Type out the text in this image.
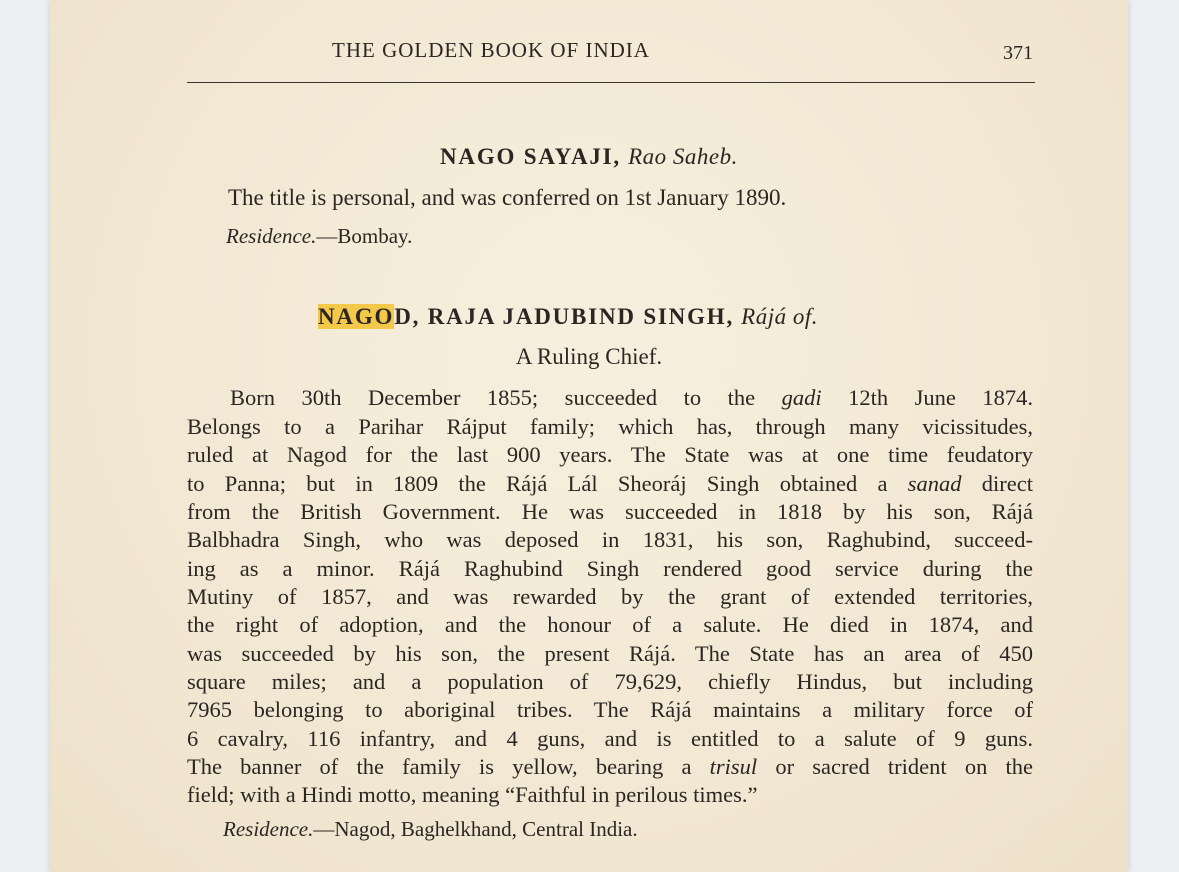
THE GOLDEN BOOK OF INDIA	371
NAGO SAYAJI, Rao Saheb.
The title is personal, and was conferred on 1st January 1890.
Residence.—Bombay.
NAGOD, RAJA JADUBIND SINGH, Rájá of.
A Ruling Chief.
Born 30th December 1855; succeeded to the gadi 12th June 1874.
Belongs to a Parihar Rájput family; which has, through many vicissitudes,
ruled at Nagod for the last 900 years. The State was at one time feudatory
to Panna; but in 1809 the Rájá Lál Sheoráj Singh obtained a sanad direct
from the British Government. He was succeeded in 1818 by his son, Rájá
Balbhadra Singh, who was deposed in 1831, his son, Raghubind, succeed-
ing as a minor. Rájá Raghubind Singh rendered good service during the
Mutiny of 1857, and was rewarded by the grant of extended territories,
the right of adoption, and the honour of a salute. He died in 1874, and
was succeeded by his son, the present Rájá. The State has an area of 450
square miles; and a population of 79,629, chiefly Hindus, but including
7965 belonging to aboriginal tribes. The Rájá maintains a military force of
6 cavalry, 116 infantry, and 4 guns, and is entitled to a salute of 9 guns.
The banner of the family is yellow, bearing a trisul or sacred trident on the
field; with a Hindi motto, meaning “Faithful in perilous times.”
Residence.—Nagod, Baghelkhand, Central India.
